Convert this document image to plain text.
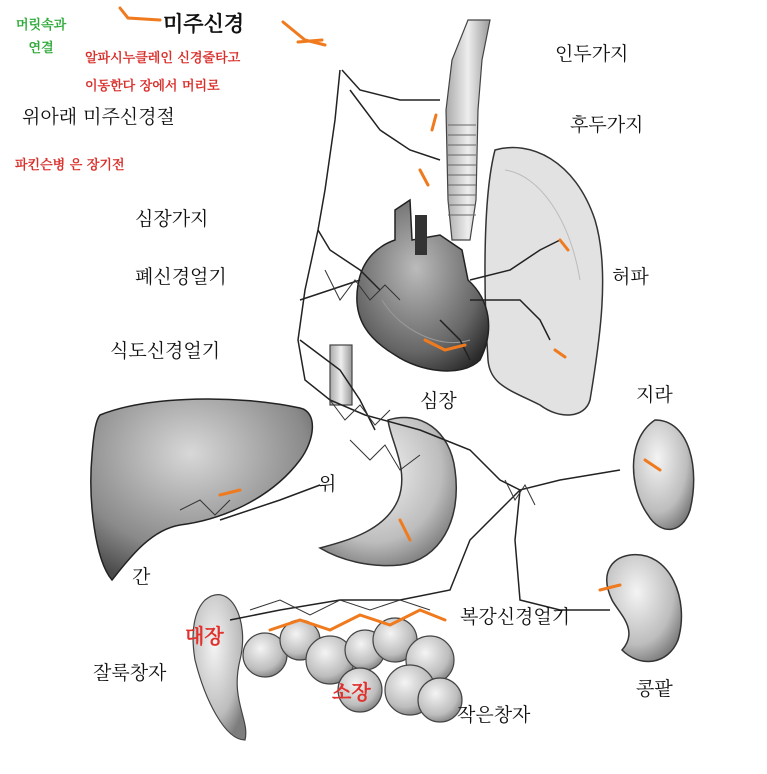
미주신경
위아래 미주신경절
인두가지
후두가지
심장가지
폐신경얼기	허파
식도신경얼기
심장	지라
위
간
복강신경얼기
잘룩창자
콩팥
작은창자
머릿속과
연결
알파시누클레인 신경줄타고
이동한다 장에서 머리로
파킨슨병 은 장기전
대장
소장
